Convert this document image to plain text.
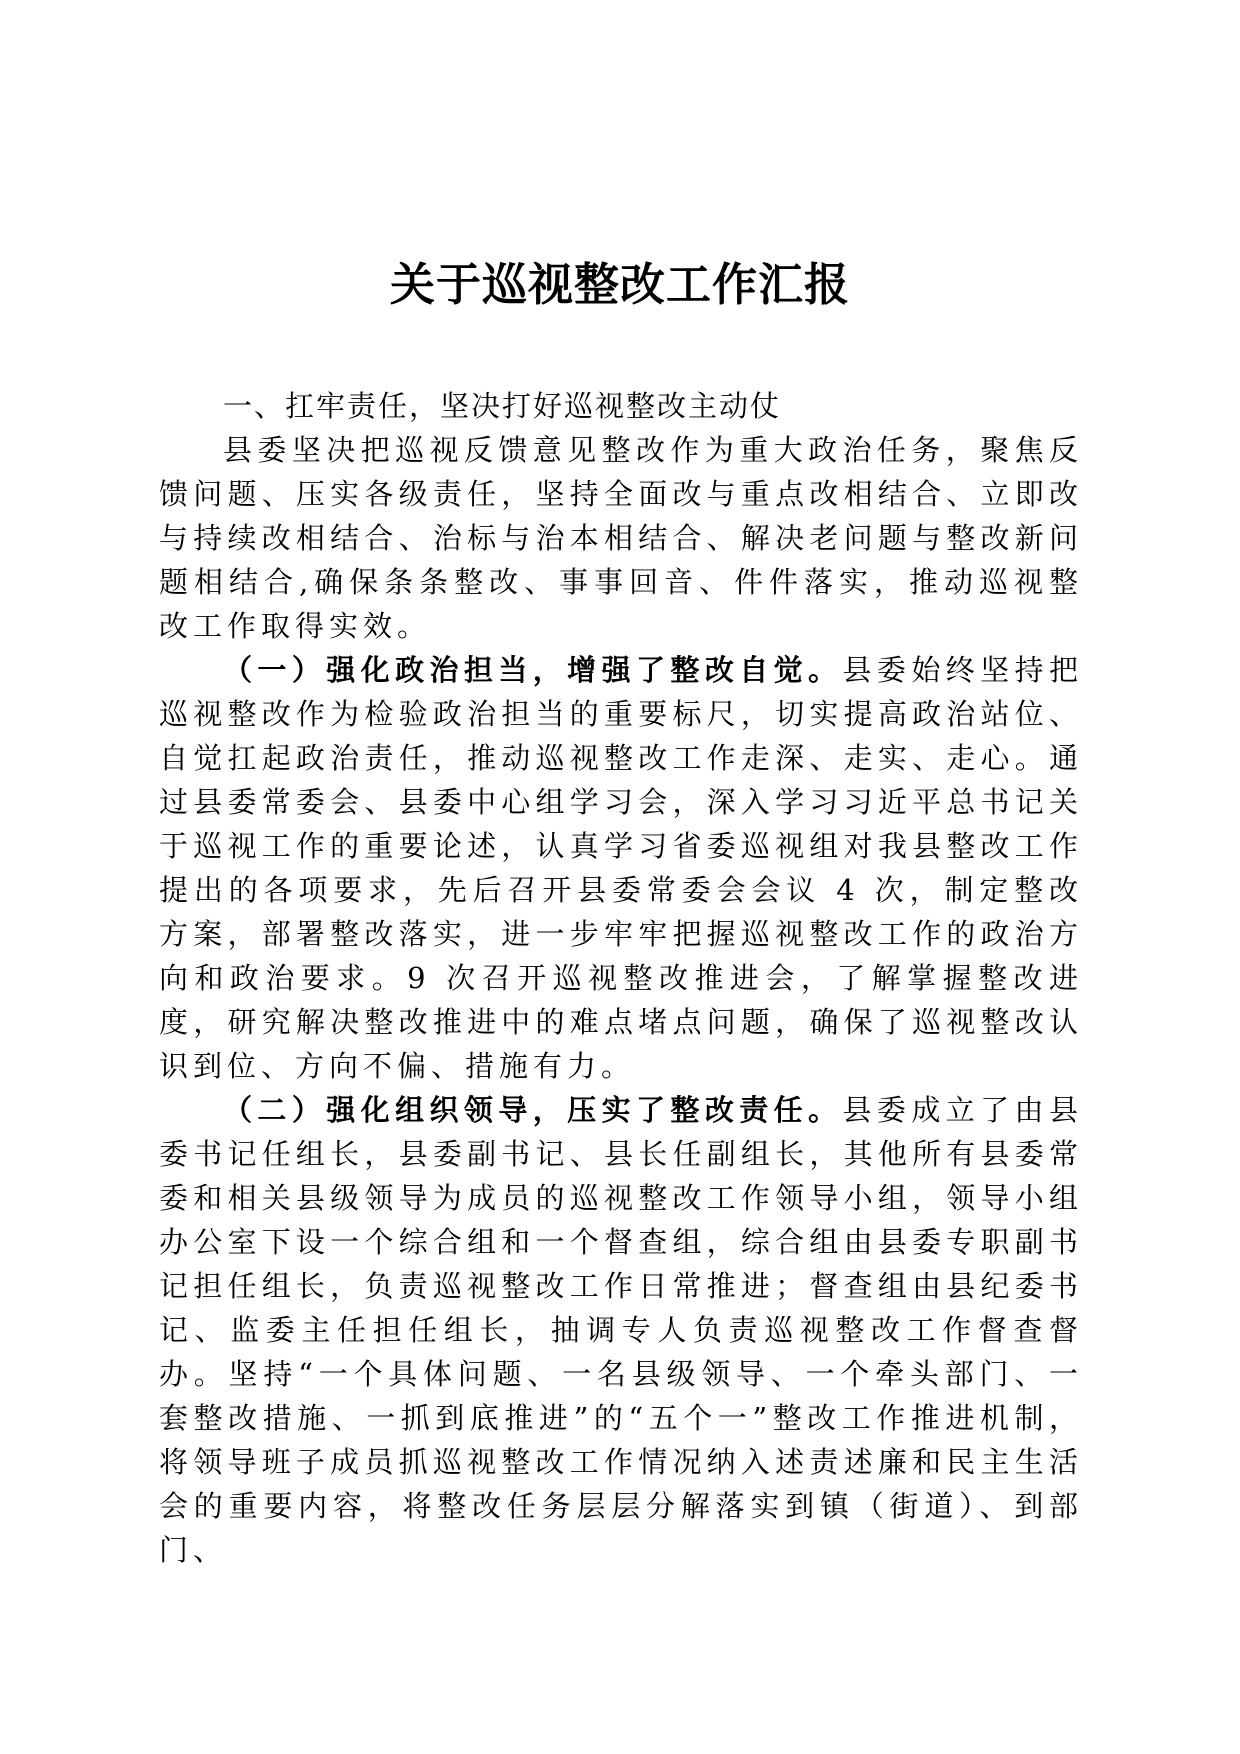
关于巡视整改工作汇报
一、扛牢责任，坚决打好巡视整改主动仗

县委坚决把巡视反馈意见整改作为重大政治任务，聚焦反馈问题、压实各级责任，坚持全面改与重点改相结合、立即改与持续改相结合、治标与治本相结合、解决老问题与整改新问题相结合,确保条条整改、事事回音、件件落实，推动巡视整改工作取得实效。

（一）强化政治担当，增强了整改自觉。县委始终坚持把巡视整改作为检验政治担当的重要标尺，切实提高政治站位、自觉扛起政治责任，推动巡视整改工作走深、走实、走心。通过县委常委会、县委中心组学习会，深入学习习近平总书记关于巡视工作的重要论述，认真学习省委巡视组对我县整改工作提出的各项要求，先后召开县委常委会会议 4 次，制定整改方案，部署整改落实，进一步牢牢把握巡视整改工作的政治方向和政治要求。9 次召开巡视整改推进会，了解掌握整改进度，研究解决整改推进中的难点堵点问题，确保了巡视整改认识到位、方向不偏、措施有力。

（二）强化组织领导，压实了整改责任。县委成立了由县委书记任组长，县委副书记、县长任副组长，其他所有县委常委和相关县级领导为成员的巡视整改工作领导小组，领导小组办公室下设一个综合组和一个督查组，综合组由县委专职副书记担任组长，负责巡视整改工作日常推进；督查组由县纪委书记、监委主任担任组长，抽调专人负责巡视整改工作督查督办。坚持“一个具体问题、一名县级领导、一个牵头部门、一套整改措施、一抓到底推进”的“五个一”整改工作推进机制，将领导班子成员抓巡视整改工作情况纳入述责述廉和民主生活会的重要内容，将整改任务层层分解落实到镇（街道）、到部门、
